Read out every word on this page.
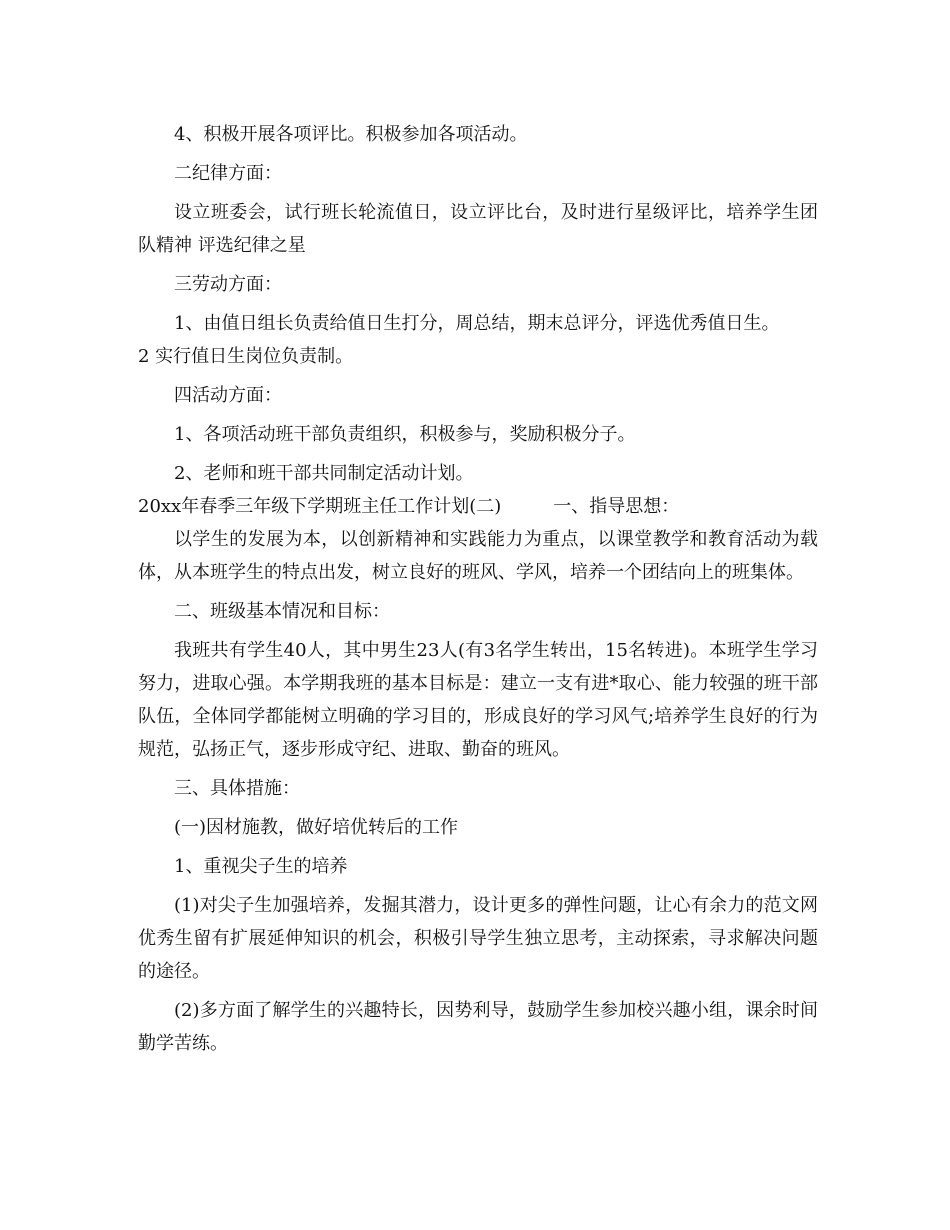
4、积极开展各项评比。积极参加各项活动。

二纪律方面：

设立班委会，试行班长轮流值日，设立评比台，及时进行星级评比，培养学生团队精神 评选纪律之星

三劳动方面：

1、由值日组长负责给值日生打分，周总结，期末总评分，评选优秀值日生。

2 实行值日生岗位负责制。

四活动方面：

1、各项活动班干部负责组织，积极参与，奖励积极分子。

2、老师和班干部共同制定活动计划。

20xx年春季三年级下学期班主任工作计划(二)	一、指导思想：

以学生的发展为本，以创新精神和实践能力为重点，以课堂教学和教育活动为载体，从本班学生的特点出发，树立良好的班风、学风，培养一个团结向上的班集体。

二、班级基本情况和目标：

我班共有学生40人，其中男生23人(有3名学生转出，15名转进)。本班学生学习努力，进取心强。本学期我班的基本目标是：建立一支有进*取心、能力较强的班干部队伍，全体同学都能树立明确的学习目的，形成良好的学习风气;培养学生良好的行为规范，弘扬正气，逐步形成守纪、进取、勤奋的班风。

三、具体措施：

(一)因材施教，做好培优转后的工作

1、重视尖子生的培养

(1)对尖子生加强培养，发掘其潜力，设计更多的弹性问题，让心有余力的范文网优秀生留有扩展延伸知识的机会，积极引导学生独立思考，主动探索，寻求解决问题的途径。

(2)多方面了解学生的兴趣特长，因势利导，鼓励学生参加校兴趣小组，课余时间勤学苦练。
